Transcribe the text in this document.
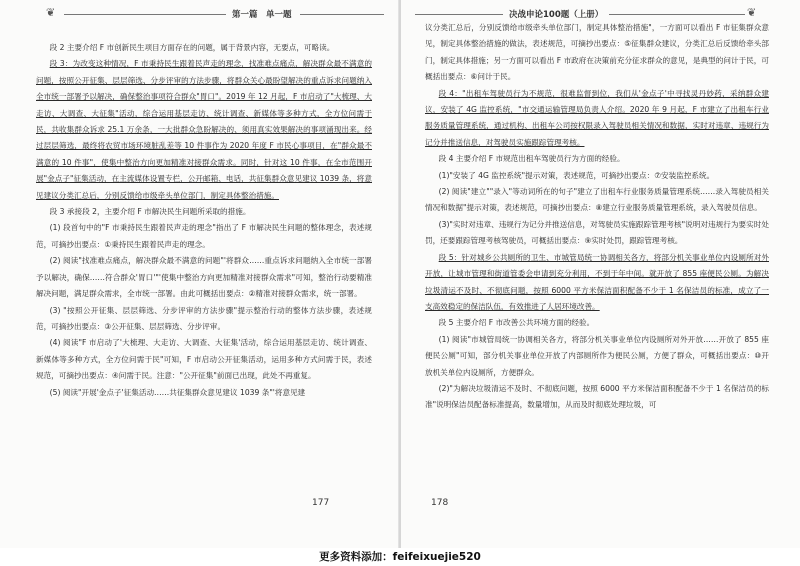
❦	第一篇　单一题

段 2 主要介绍 F 市创新民生项目方面存在的问题，属于背景内容，无要点，可略读。

段 3：为改变这种情况，F 市秉持民生跟着民声走的理念，找准难点痛点，解决群众最不满意的问题，按照公开征集、层层筛选、分步评审的方法步骤，将群众关心最盼望解决的重点诉求问题纳入全市统一部署予以解决，确保整治事项符合群众"胃口"。2019 年 12 月起，F 市启动了"大梳理、大走访、大调查、大征集"活动，综合运用基层走访、统计调查、新媒体等多种方式，全方位问需于民，共收集群众诉求 25.1 万余条，一大批群众急盼解决的、须用真实效果解决的事项涌现出来。经过层层筛选，最终将农贸市场环境脏乱差等 10 件事作为 2020 年度 F 市民心事项目，在"群众最不满意的 10 件事"，使集中整治方向更加精准对接群众需求。同时，针对这 10 件事，在全市范围开展"金点子"征集活动，在主流媒体设置专栏，公开邮箱、电话，共征集群众意见建议 1039 条，将意见建议分类汇总后，分别反馈给市级牵头单位部门，制定具体整治措施。

段 3 承接段 2，主要介绍 F 市解决民生问题所采取的措施。

(1) 段首句中的"F 市秉持民生跟着民声走的理念"指出了 F 市解决民生问题的整体理念，表述规范，可摘抄出要点：①秉持民生跟着民声走的理念。

(2) 阅读"找准难点痛点，解决群众最不满意的问题"'将群众……重点诉求问题纳入全市统一部署予以解决，确保……符合群众'胃口'"'使集中整治方向更加精准对接群众需求"可知，整治行动要精准解决问题，满足群众需求，全市统一部署。由此可概括出要点：②精准对接群众需求，统一部署。

(3) "按照公开征集、层层筛选、分步评审的方法步骤"提示整治行动的整体方法步骤，表述规范，可摘抄出要点：③公开征集、层层筛选、分步评审。

(4) 阅读"F 市启动了'大梳理、大走访、大调查、大征集'活动，综合运用基层走访、统计调查、新媒体等多种方式，全方位问需于民"可知，F 市启动公开征集活动，运用多种方式问需于民，表述规范，可摘抄出要点：④问需于民。注意："公开征集"前面已出现，此处不再重复。

(5) 阅读"开展'金点子'征集活动……共征集群众意见建议 1039 条"'将意见建

177
决战申论100题（上册）	❦

议分类汇总后，分别反馈给市级牵头单位部门，制定具体整治措施"，一方面可以看出 F 市征集群众意见，制定具体整治措施的做法，表述规范，可摘抄出要点：⑤征集群众建议，分类汇总后反馈给牵头部门，制定具体措施；另一方面可以看出 F 市政府在决策前充分征求群众的意见，是典型的问计于民，可概括出要点：⑥问计于民。

段 4："出租车驾驶员行为不规范，很难监督到位，我们从'金点子'中寻找灵丹妙药，采纳群众建议，安装了 4G 监控系统，"市交通运输管理局负责人介绍。2020 年 9 月起，F 市建立了出租车行业服务质量管理系统，通过机构、出租车公司按权限录入驾驶员相关情况和数据，实时对违章、违规行为记分并推送信息，对驾驶员实施跟踪管理考核。

段 4 主要介绍 F 市规范出租车驾驶员行为方面的经验。

(1)"安装了 4G 监控系统"提示对策，表述规范，可摘抄出要点：⑦安装监控系统。

(2) 阅读"建立""录入"等动词所在的句子"建立了出租车行业服务质量管理系统……录入驾驶员相关情况和数据"提示对策，表述规范，可摘抄出要点：⑧建立行业服务质量管理系统，录入驾驶员信息。

(3)"实时对违章、违规行为记分并推送信息，对驾驶员实施跟踪管理考核"说明对违规行为要实时处罚，还要跟踪管理考核驾驶员，可概括出要点：⑨实时处罚，跟踪管理考核。

段 5：针对城乡公共厕所的卫生、市城管局统一协调相关各方，将部分机关事业单位内设厕所对外开放，让城市管理和街道管委会申请到充分利用，不到于年中间。就开放了 855 座便民公厕。为解决垃圾清运不及时、不彻底问题，按照 6000 平方米保洁面积配备不少于 1 名保洁员的标准，成立了一支高效稳定的保洁队伍，有效推进了人居环境改善。

段 5 主要介绍 F 市改善公共环境方面的经验。

(1) 阅读"市城管局统一协调相关各方，将部分机关事业单位内设厕所对外开放……开放了 855 座便民公厕"可知，部分机关事业单位开放了内部厕所作为便民公厕，方便了群众，可概括出要点：⑩开放机关单位内设厕所，方便群众。

(2)"为解决垃圾清运不及时、不彻底问题，按照 6000 平方米保洁面积配备不少于 1 名保洁员的标准"说明保洁员配备标准提高，数量增加，从而及时彻底处理垃圾，可

178
更多资料添加：feifeixuejie520
